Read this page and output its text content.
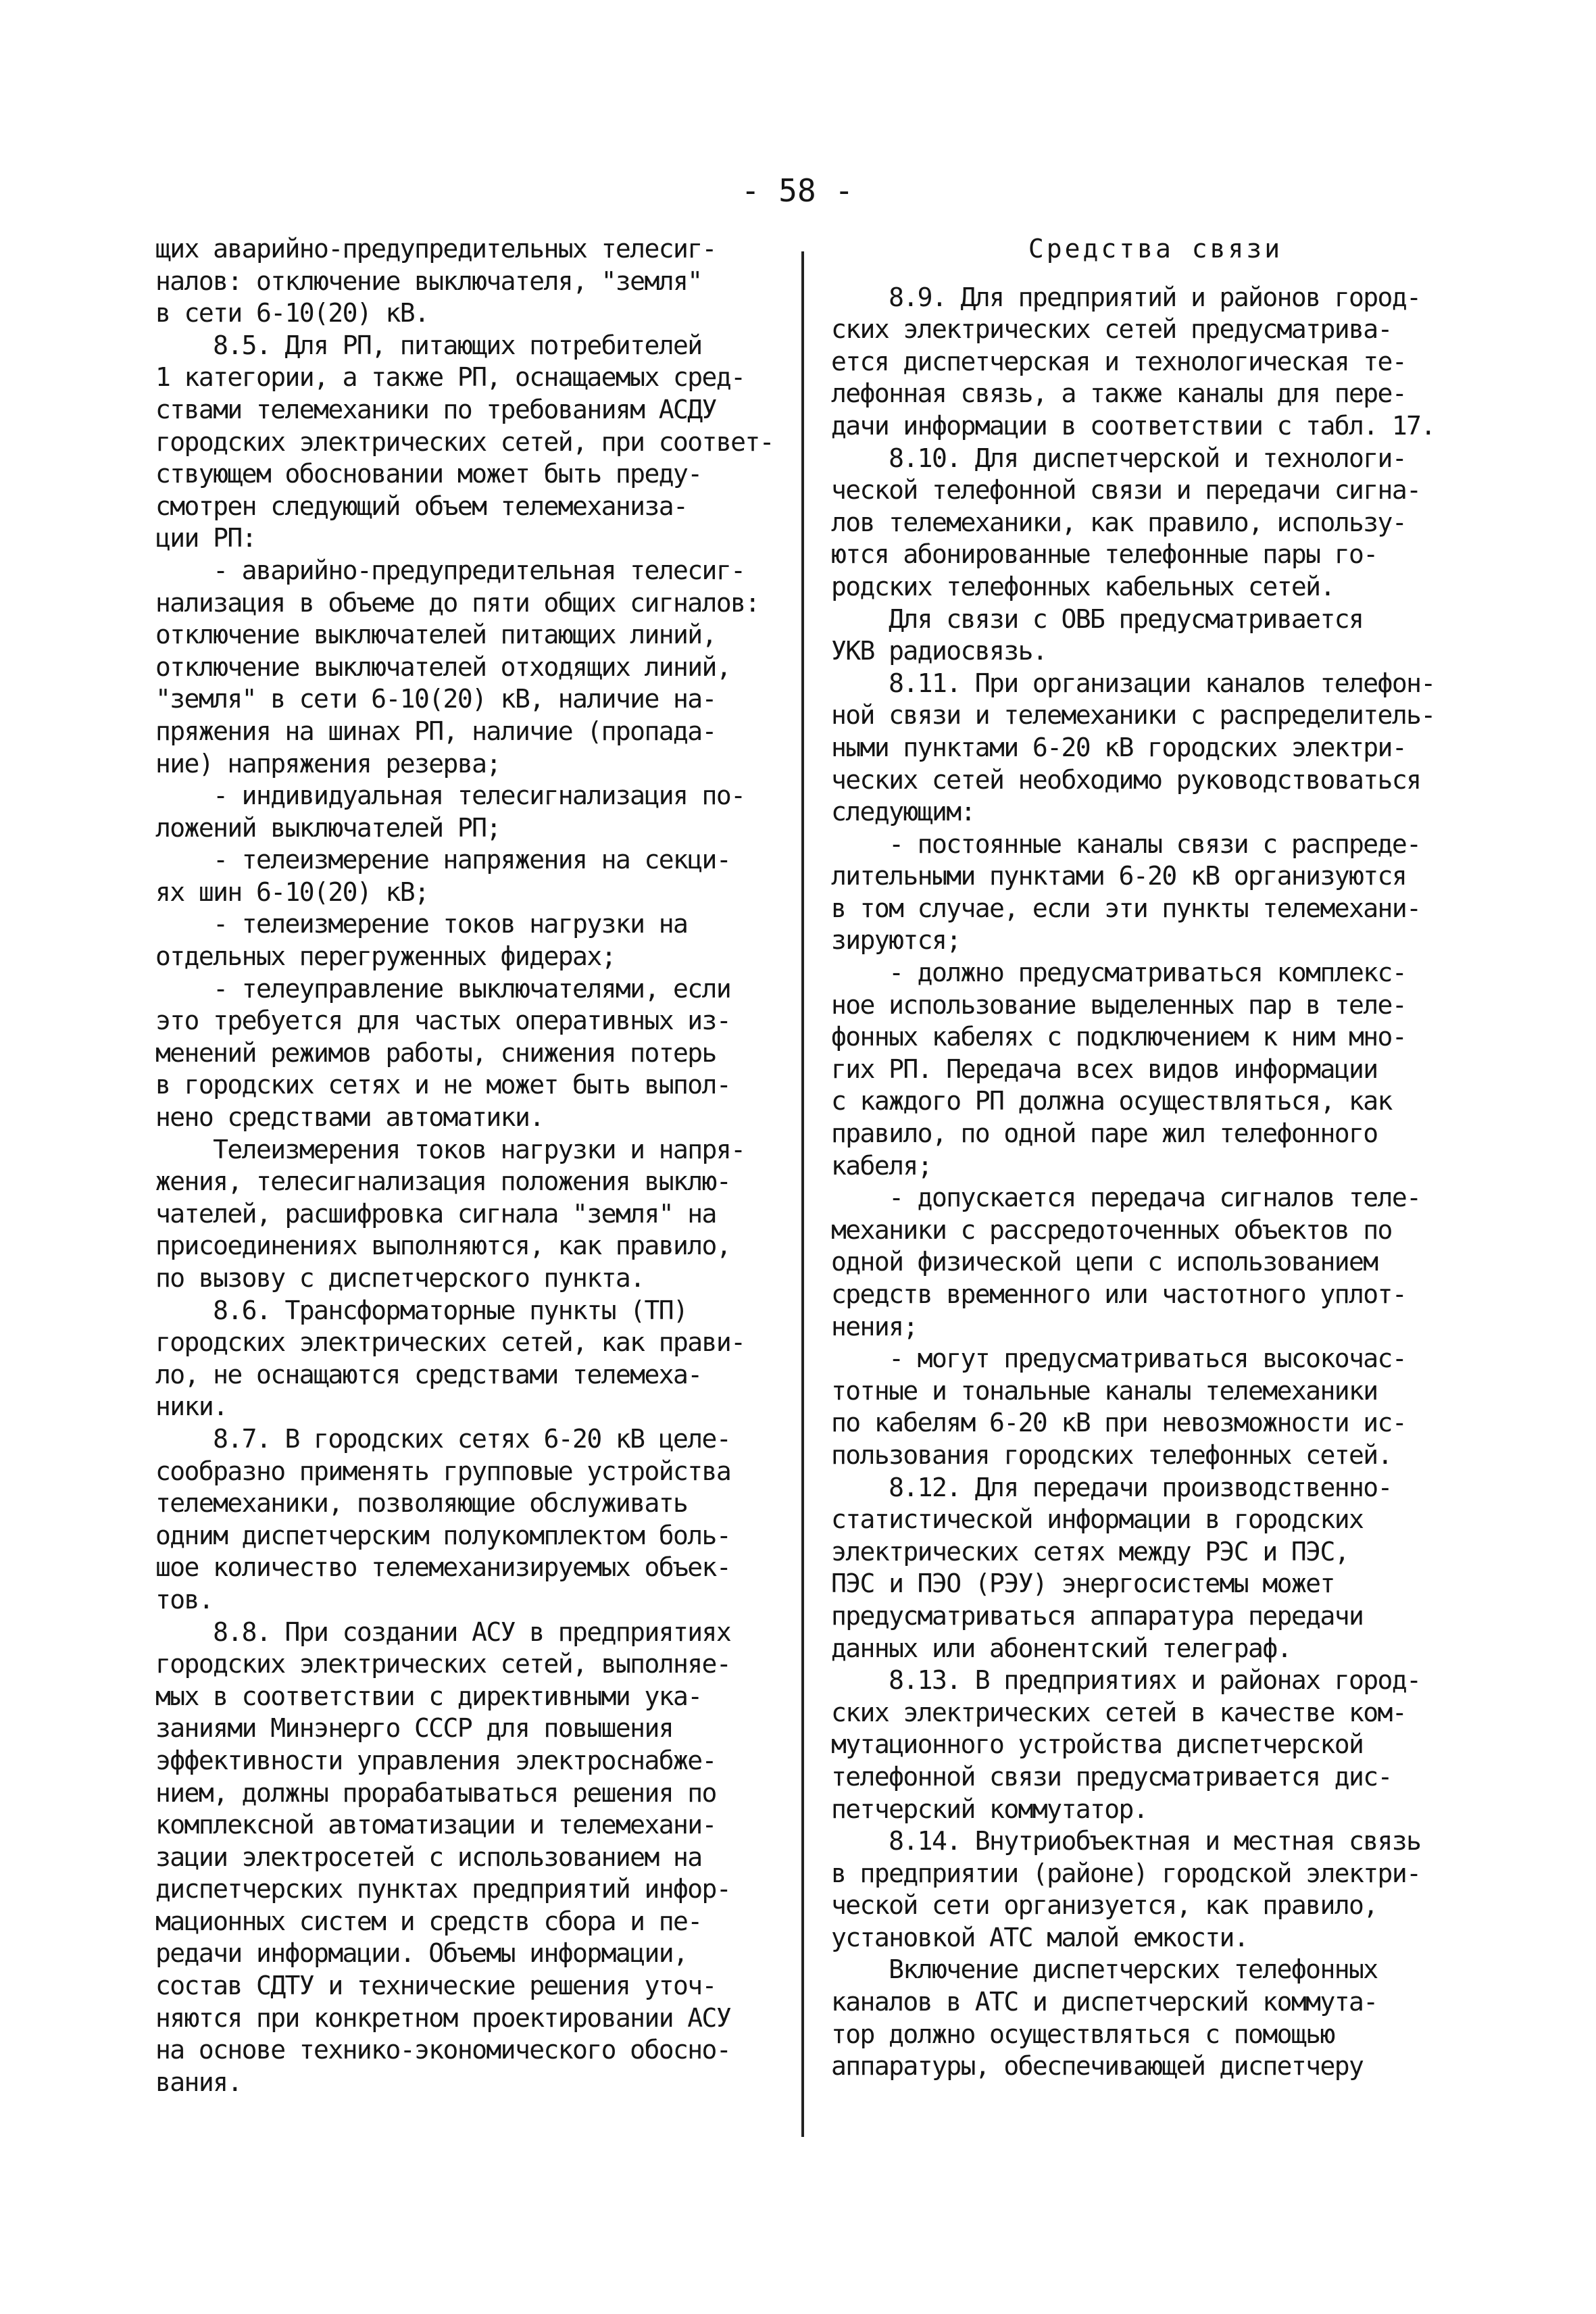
- 58 -
щих аварийно-предупредительных телесиг-
налов: отключение выключателя, "земля"
в сети 6-10(20) кВ.
8.5. Для РП, питающих потребителей
1 категории, а также РП, оснащаемых сред-
ствами телемеханики по требованиям АСДУ
городских электрических сетей, при соответ-
ствующем обосновании может быть преду-
смотрен следующий объем телемеханиза-
ции РП:
- аварийно-предупредительная телесиг-
нализация в объеме до пяти общих сигналов:
отключение выключателей питающих линий,
отключение выключателей отходящих линий,
"земля" в сети 6-10(20) кВ, наличие на-
пряжения на шинах РП, наличие (пропада-
ние) напряжения резерва;
- индивидуальная телесигнализация по-
ложений выключателей РП;
- телеизмерение напряжения на секци-
ях шин 6-10(20) кВ;
- телеизмерение токов нагрузки на
отдельных перегруженных фидерах;
- телеуправление выключателями, если
это требуется для частых оперативных из-
менений режимов работы, снижения потерь
в городских сетях и не может быть выпол-
нено средствами автоматики.
Телеизмерения токов нагрузки и напря-
жения, телесигнализация положения выклю-
чателей, расшифровка сигнала "земля" на
присоединениях выполняются, как правило,
по вызову с диспетчерского пункта.
8.6. Трансформаторные пункты (ТП)
городских электрических сетей, как прави-
ло, не оснащаются средствами телемеха-
ники.
8.7. В городских сетях 6-20 кВ целе-
сообразно применять групповые устройства
телемеханики, позволяющие обслуживать
одним диспетчерским полукомплектом боль-
шое количество телемеханизируемых объек-
тов.
8.8. При создании АСУ в предприятиях
городских электрических сетей, выполняе-
мых в соответствии с директивными ука-
заниями Минэнерго СССР для повышения
эффективности управления электроснабже-
нием, должны прорабатываться решения по
комплексной автоматизации и телемехани-
зации электросетей с использованием на
диспетчерских пунктах предприятий инфор-
мационных систем и средств сбора и пе-
редачи информации. Объемы информации,
состав СДТУ и технические решения уточ-
няются при конкретном проектировании АСУ
на основе технико-экономического обосно-
вания.
Средства связи
8.9. Для предприятий и районов город-
ских электрических сетей предусматрива-
ется диспетчерская и технологическая те-
лефонная связь, а также каналы для пере-
дачи информации в соответствии с табл. 17.
8.10. Для диспетчерской и технологи-
ческой телефонной связи и передачи сигна-
лов телемеханики, как правило, использу-
ются абонированные телефонные пары го-
родских телефонных кабельных сетей.
Для связи с ОВБ предусматривается
УКВ радиосвязь.
8.11. При организации каналов телефон-
ной связи и телемеханики с распределитель-
ными пунктами 6-20 кВ городских электри-
ческих сетей необходимо руководствоваться
следующим:
- постоянные каналы связи с распреде-
лительными пунктами 6-20 кВ организуются
в том случае, если эти пункты телемехани-
зируются;
- должно предусматриваться комплекс-
ное использование выделенных пар в теле-
фонных кабелях с подключением к ним мно-
гих РП. Передача всех видов информации
с каждого РП должна осуществляться, как
правило, по одной паре жил телефонного
кабеля;
- допускается передача сигналов теле-
механики с рассредоточенных объектов по
одной физической цепи с использованием
средств временного или частотного уплот-
нения;
- могут предусматриваться высокочас-
тотные и тональные каналы телемеханики
по кабелям 6-20 кВ при невозможности ис-
пользования городских телефонных сетей.
8.12. Для передачи производственно-
статистической информации в городских
электрических сетях между РЭС и ПЭС,
ПЭС и ПЭО (РЭУ) энергосистемы может
предусматриваться аппаратура передачи
данных или абонентский телеграф.
8.13. В предприятиях и районах город-
ских электрических сетей в качестве ком-
мутационного устройства диспетчерской
телефонной связи предусматривается дис-
петчерский коммутатор.
8.14. Внутриобъектная и местная связь
в предприятии (районе) городской электри-
ческой сети организуется, как правило,
установкой АТС малой емкости.
Включение диспетчерских телефонных
каналов в АТС и диспетчерский коммута-
тор должно осуществляться с помощью
аппаратуры, обеспечивающей диспетчеру
